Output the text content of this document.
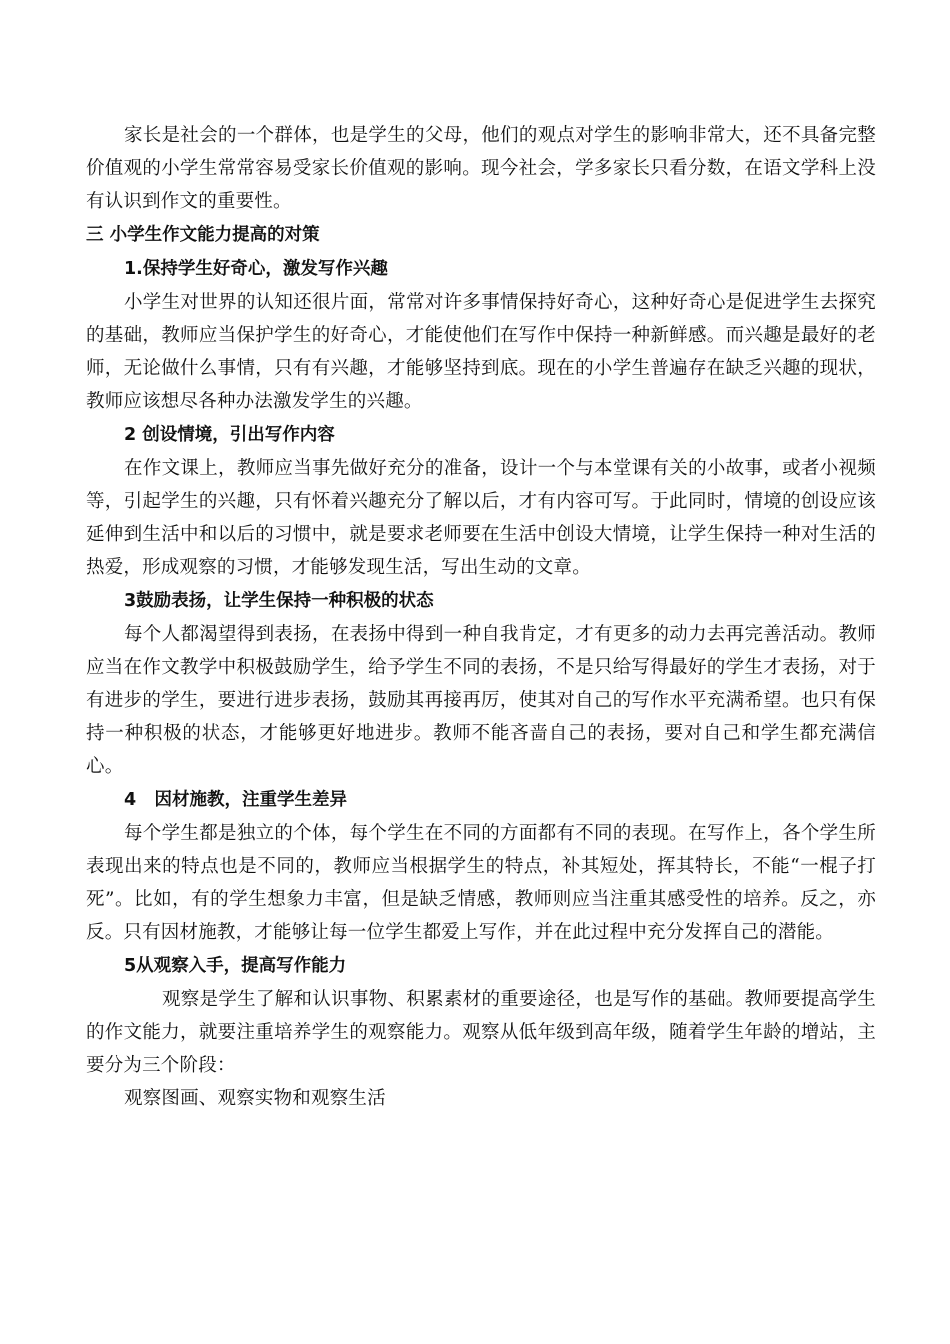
家长是社会的一个群体，也是学生的父母，他们的观点对学生的影响非常大，还不具备完整价值观的小学生常常容易受家长价值观的影响。现今社会，学多家长只看分数，在语文学科上没有认识到作文的重要性。

三 小学生作文能力提高的对策

1.保持学生好奇心，激发写作兴趣

小学生对世界的认知还很片面，常常对许多事情保持好奇心，这种好奇心是促进学生去探究的基础，教师应当保护学生的好奇心，才能使他们在写作中保持一种新鲜感。而兴趣是最好的老师，无论做什么事情，只有有兴趣，才能够坚持到底。现在的小学生普遍存在缺乏兴趣的现状，教师应该想尽各种办法激发学生的兴趣。

2 创设情境，引出写作内容

在作文课上，教师应当事先做好充分的准备，设计一个与本堂课有关的小故事，或者小视频等，引起学生的兴趣，只有怀着兴趣充分了解以后，才有内容可写。于此同时，情境的创设应该延伸到生活中和以后的习惯中，就是要求老师要在生活中创设大情境，让学生保持一种对生活的热爱，形成观察的习惯，才能够发现生活，写出生动的文章。

3鼓励表扬，让学生保持一种积极的状态

每个人都渴望得到表扬，在表扬中得到一种自我肯定，才有更多的动力去再完善活动。教师应当在作文教学中积极鼓励学生，给予学生不同的表扬，不是只给写得最好的学生才表扬，对于有进步的学生，要进行进步表扬，鼓励其再接再厉，使其对自己的写作水平充满希望。也只有保持一种积极的状态，才能够更好地进步。教师不能吝啬自己的表扬，要对自己和学生都充满信心。

4   因材施教，注重学生差异

每个学生都是独立的个体，每个学生在不同的方面都有不同的表现。在写作上，各个学生所表现出来的特点也是不同的，教师应当根据学生的特点，补其短处，挥其特长，不能“一棍子打死”。比如，有的学生想象力丰富，但是缺乏情感，教师则应当注重其感受性的培养。反之，亦反。只有因材施教，才能够让每一位学生都爱上写作，并在此过程中充分发挥自己的潜能。

5从观察入手，提高写作能力

观察是学生了解和认识事物、积累素材的重要途径，也是写作的基础。教师要提高学生的作文能力，就要注重培养学生的观察能力。观察从低年级到高年级，随着学生年龄的增站，主要分为三个阶段：

观察图画、观察实物和观察生活
